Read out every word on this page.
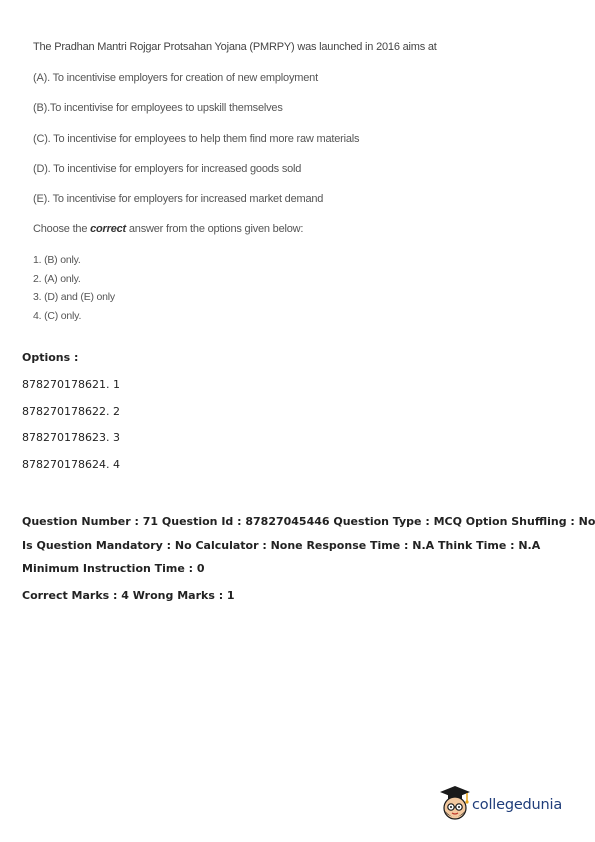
The Pradhan Mantri Rojgar Protsahan Yojana (PMRPY) was launched in 2016 aims at
(A). To incentivise employers for creation of new employment
(B).To incentivise for employees to upskill themselves
(C). To incentivise for employees to help them find more raw materials
(D). To incentivise for employers for increased goods sold
(E). To incentivise for employers for increased market demand
Choose the correct answer from the options given below:
1. (B) only.
2. (A) only.
3. (D) and (E) only
4. (C) only.
Options :
878270178621. 1
878270178622. 2
878270178623. 3
878270178624. 4
Question Number : 71 Question Id : 87827045446 Question Type : MCQ Option Shuffling : No
Is Question Mandatory : No Calculator : None Response Time : N.A Think Time : N.A
Minimum Instruction Time : 0
Correct Marks : 4 Wrong Marks : 1
collegedunia
